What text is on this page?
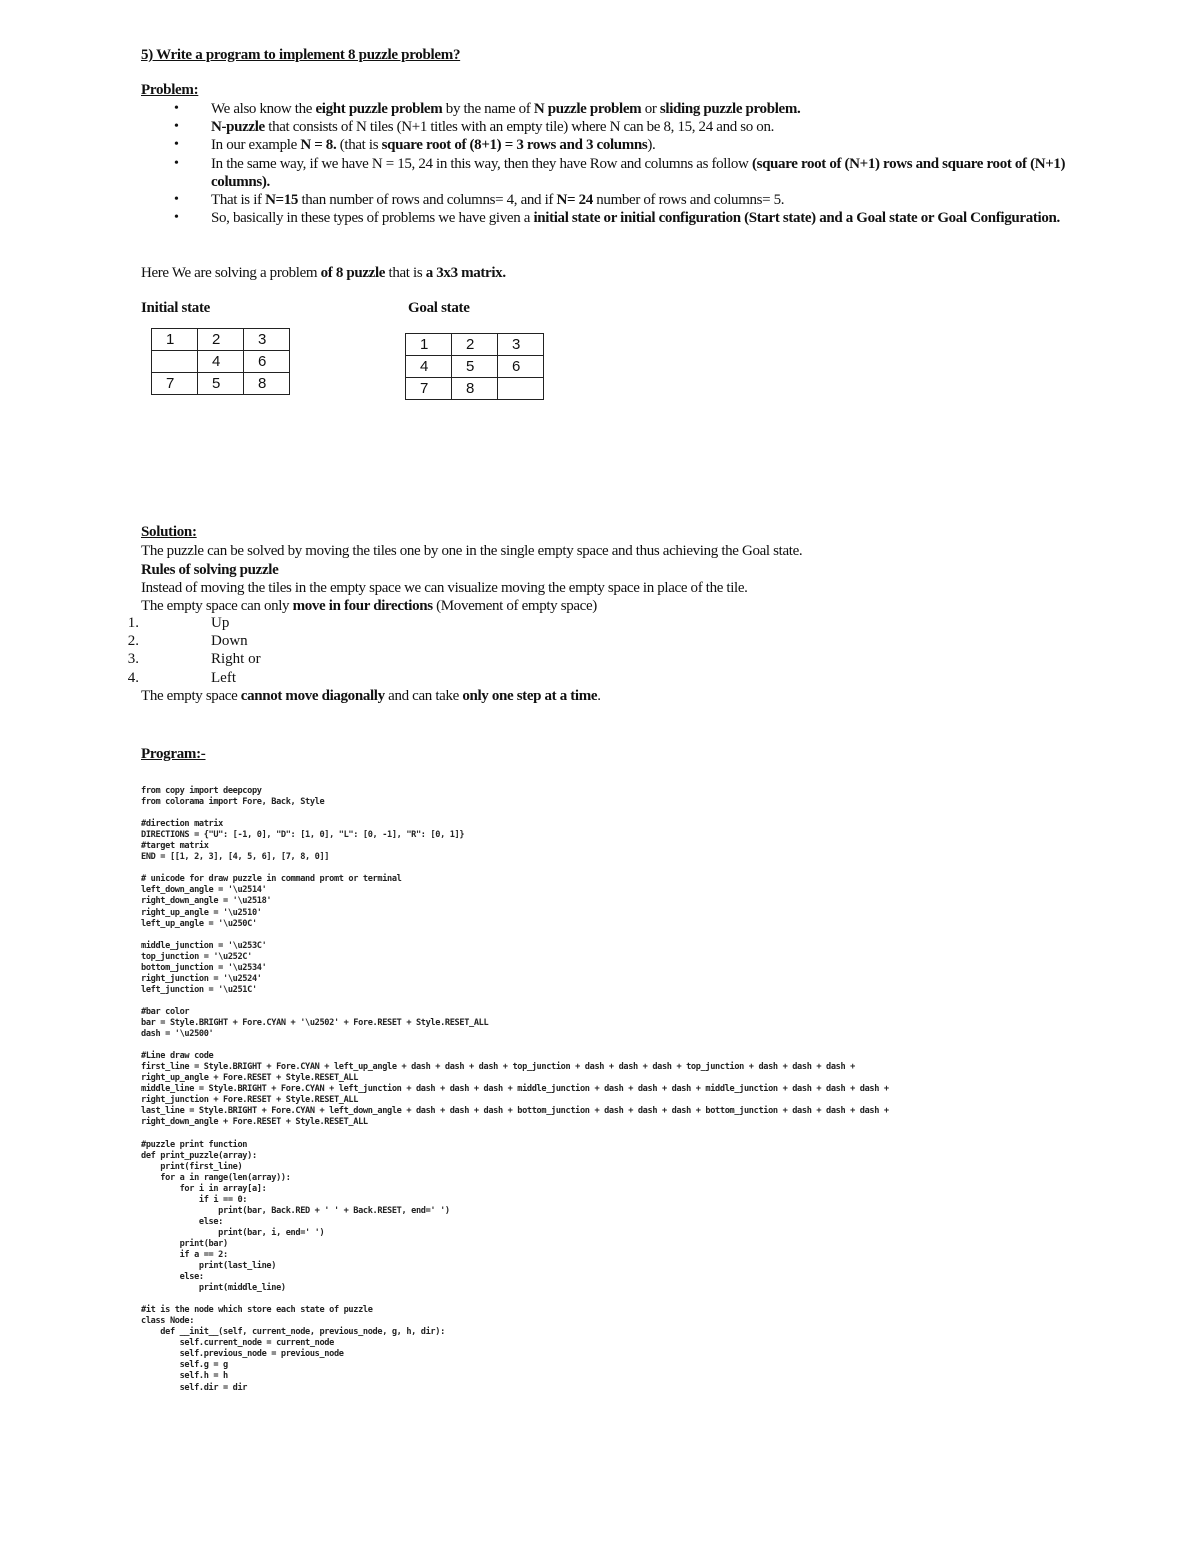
5) Write a program to implement 8 puzzle problem?
Problem:
• We also know the eight puzzle problem by the name of N puzzle problem or sliding puzzle problem.
• N-puzzle that consists of N tiles (N+1 titles with an empty tile) where N can be 8, 15, 24 and so on.
• In our example N = 8. (that is square root of (8+1) = 3 rows and 3 columns).
• In the same way, if we have N = 15, 24 in this way, then they have Row and columns as follow (square root of (N+1) rows and square root of (N+1) columns).
• That is if N=15 than number of rows and columns= 4, and if N= 24 number of rows and columns= 5.
• So, basically in these types of problems we have given a initial state or initial configuration (Start state) and a Goal state or Goal Configuration.
Here We are solving a problem of 8 puzzle that is a 3x3 matrix.
Initial state	Goal state
1	2	3
	4	6
7	5	8
1	2	3
4	5	6
7	8	
Solution:
The puzzle can be solved by moving the tiles one by one in the single empty space and thus achieving the Goal state.
Rules of solving puzzle
Instead of moving the tiles in the empty space we can visualize moving the empty space in place of the tile.
The empty space can only move in four directions (Movement of empty space)
1.	Up
2.	Down
3.	Right or
4.	Left
The empty space cannot move diagonally and can take only one step at a time.
Program:-
from copy import deepcopy
from colorama import Fore, Back, Style

#direction matrix
DIRECTIONS = {"U": [-1, 0], "D": [1, 0], "L": [0, -1], "R": [0, 1]}
#target matrix
END = [[1, 2, 3], [4, 5, 6], [7, 8, 0]]

# unicode for draw puzzle in command promt or terminal
left_down_angle = '\u2514'
right_down_angle = '\u2518'
right_up_angle = '\u2510'
left_up_angle = '\u250C'

middle_junction = '\u253C'
top_junction = '\u252C'
bottom_junction = '\u2534'
right_junction = '\u2524'
left_junction = '\u251C'

#bar color
bar = Style.BRIGHT + Fore.CYAN + '\u2502' + Fore.RESET + Style.RESET_ALL
dash = '\u2500'

#Line draw code
first_line = Style.BRIGHT + Fore.CYAN + left_up_angle + dash + dash + dash + top_junction + dash + dash + dash + top_junction + dash + dash + dash +
right_up_angle + Fore.RESET + Style.RESET_ALL
middle_line = Style.BRIGHT + Fore.CYAN + left_junction + dash + dash + dash + middle_junction + dash + dash + dash + middle_junction + dash + dash + dash +
right_junction + Fore.RESET + Style.RESET_ALL
last_line = Style.BRIGHT + Fore.CYAN + left_down_angle + dash + dash + dash + bottom_junction + dash + dash + dash + bottom_junction + dash + dash + dash +
right_down_angle + Fore.RESET + Style.RESET_ALL

#puzzle print function
def print_puzzle(array):
print(first_line)
for a in range(len(array)):
for i in array[a]:
if i == 0:
print(bar, Back.RED + ' ' + Back.RESET, end=' ')
else:
print(bar, i, end=' ')
print(bar)
if a == 2:
print(last_line)
else:
print(middle_line)

#it is the node which store each state of puzzle
class Node:
def __init__(self, current_node, previous_node, g, h, dir):
self.current_node = current_node
self.previous_node = previous_node
self.g = g
self.h = h
self.dir = dir
